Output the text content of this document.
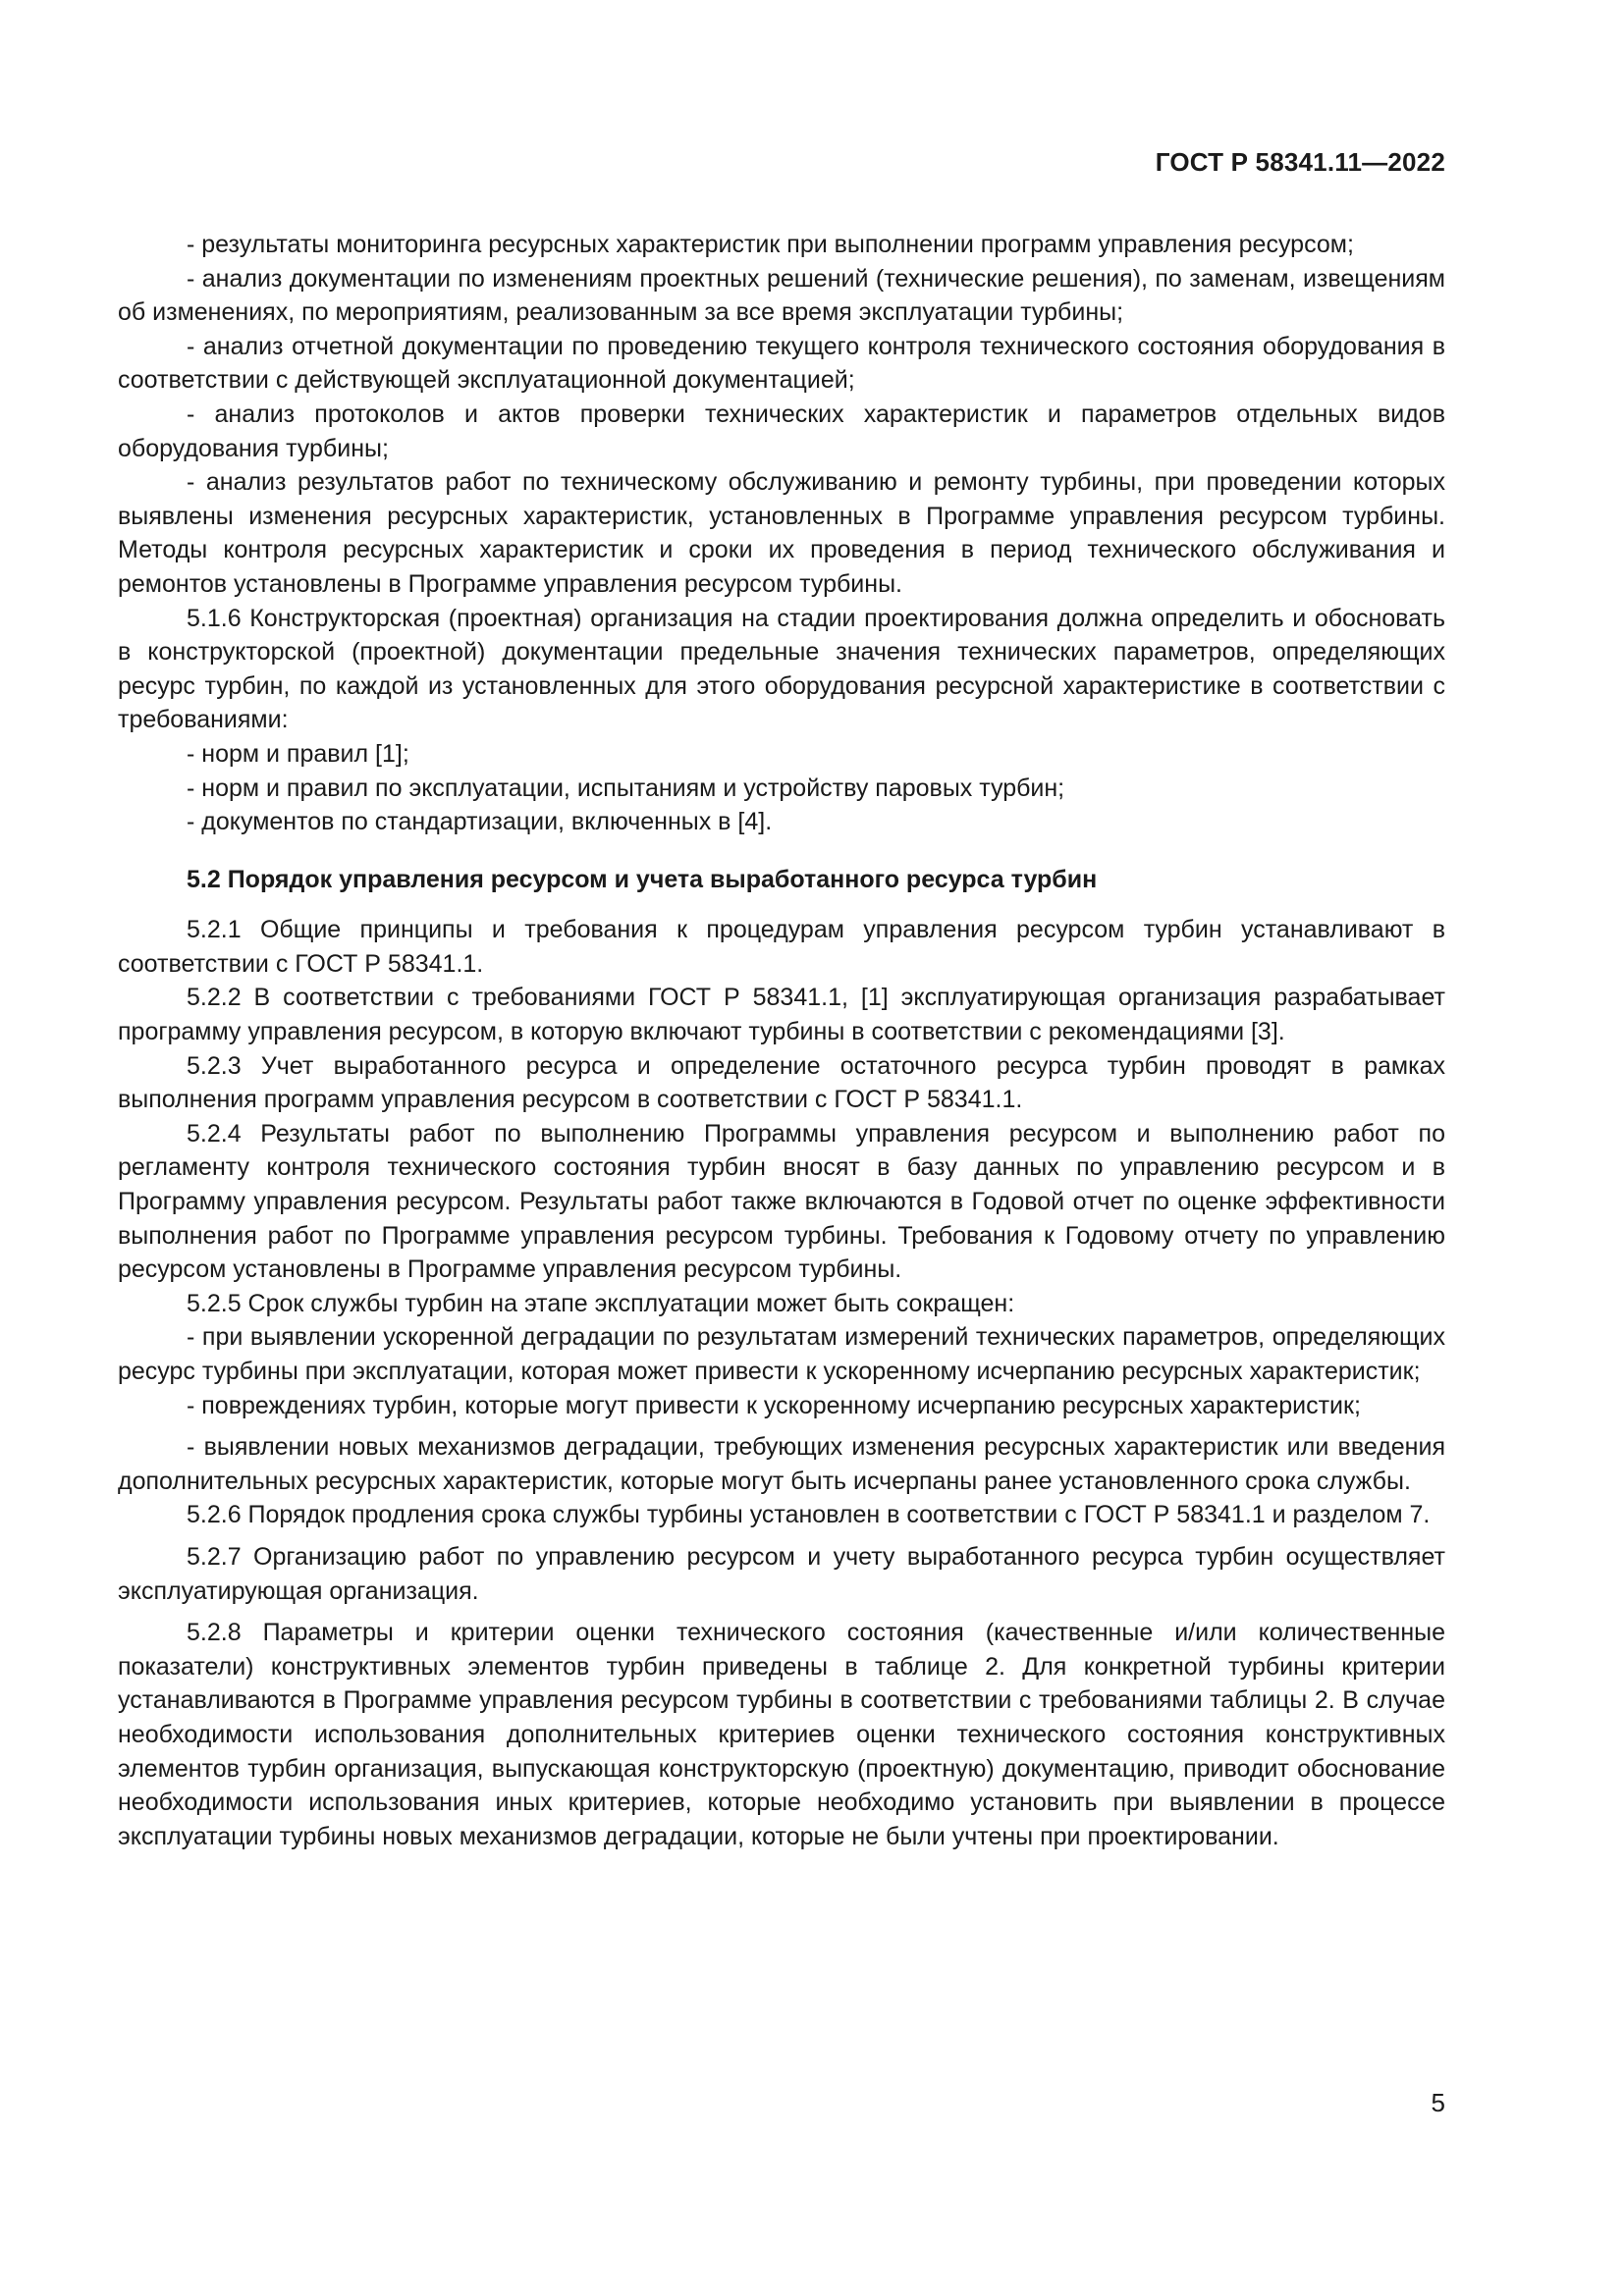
ГОСТ Р 58341.11—2022

- результаты мониторинга ресурсных характеристик при выполнении программ управления ресурсом;

- анализ документации по изменениям проектных решений (технические решения), по заменам, извещениям об изменениях, по мероприятиям, реализованным за все время эксплуатации турбины;

- анализ отчетной документации по проведению текущего контроля технического состояния оборудования в соответствии с действующей эксплуатационной документацией;

- анализ протоколов и актов проверки технических характеристик и параметров отдельных видов оборудования турбины;

- анализ результатов работ по техническому обслуживанию и ремонту турбины, при проведении которых выявлены изменения ресурсных характеристик, установленных в Программе управления ресурсом турбины. Методы контроля ресурсных характеристик и сроки их проведения в период технического обслуживания и ремонтов установлены в Программе управления ресурсом турбины.

5.1.6 Конструкторская (проектная) организация на стадии проектирования должна определить и обосновать в конструкторской (проектной) документации предельные значения технических параметров, определяющих ресурс турбин, по каждой из установленных для этого оборудования ресурсной характеристике в соответствии с требованиями:

- норм и правил [1];

- норм и правил по эксплуатации, испытаниям и устройству паровых турбин;

- документов по стандартизации, включенных в [4].

5.2 Порядок управления ресурсом и учета выработанного ресурса турбин

5.2.1 Общие принципы и требования к процедурам управления ресурсом турбин устанавливают в соответствии с ГОСТ Р 58341.1.

5.2.2 В соответствии с требованиями ГОСТ Р 58341.1, [1] эксплуатирующая организация разрабатывает программу управления ресурсом, в которую включают турбины в соответствии с рекомендациями [3].

5.2.3 Учет выработанного ресурса и определение остаточного ресурса турбин проводят в рамках выполнения программ управления ресурсом в соответствии с ГОСТ Р 58341.1.

5.2.4 Результаты работ по выполнению Программы управления ресурсом и выполнению работ по регламенту контроля технического состояния турбин вносят в базу данных по управлению ресурсом и в Программу управления ресурсом. Результаты работ также включаются в Годовой отчет по оценке эффективности выполнения работ по Программе управления ресурсом турбины. Требования к Годовому отчету по управлению ресурсом установлены в Программе управления ресурсом турбины.

5.2.5 Срок службы турбин на этапе эксплуатации может быть сокращен:

- при выявлении ускоренной деградации по результатам измерений технических параметров, определяющих ресурс турбины при эксплуатации, которая может привести к ускоренному исчерпанию ресурсных характеристик;

- повреждениях турбин, которые могут привести к ускоренному исчерпанию ресурсных характеристик;

- выявлении новых механизмов деградации, требующих изменения ресурсных характеристик или введения дополнительных ресурсных характеристик, которые могут быть исчерпаны ранее установленного срока службы.

5.2.6 Порядок продления срока службы турбины установлен в соответствии с ГОСТ Р 58341.1 и разделом 7.

5.2.7 Организацию работ по управлению ресурсом и учету выработанного ресурса турбин осуществляет эксплуатирующая организация.

5.2.8 Параметры и критерии оценки технического состояния (качественные и/или количественные показатели) конструктивных элементов турбин приведены в таблице 2. Для конкретной турбины критерии устанавливаются в Программе управления ресурсом турбины в соответствии с требованиями таблицы 2. В случае необходимости использования дополнительных критериев оценки технического состояния конструктивных элементов турбин организация, выпускающая конструкторскую (проектную) документацию, приводит обоснование необходимости использования иных критериев, которые необходимо установить при выявлении в процессе эксплуатации турбины новых механизмов деградации, которые не были учтены при проектировании.

5
